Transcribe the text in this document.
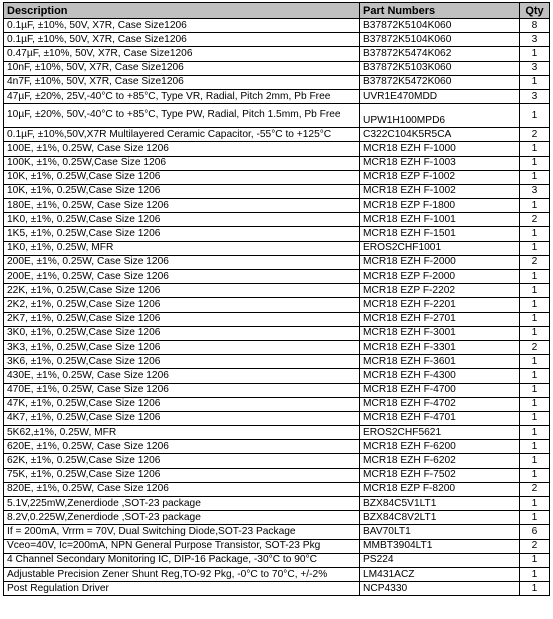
Description	Part Numbers	Qty
0.1µF, ±10%, 50V, X7R, Case Size1206	B37872K5104K060	8
0.1µF, ±10%, 50V, X7R, Case Size1206	B37872K5104K060	3
0.47µF, ±10%, 50V, X7R, Case Size1206	B37872K5474K062	1
10nF, ±10%, 50V, X7R, Case Size1206	B37872K5103K060	3
4n7F, ±10%, 50V, X7R, Case Size1206	B37872K5472K060	1
47µF, ±20%, 25V,-40°C to +85°C, Type VR, Radial, Pitch 2mm, Pb Free	UVR1E470MDD	3
10µF, ±20%, 50V,-40°C to +85°C, Type PW, Radial, Pitch 1.5mm, Pb Free	UPW1H100MPD6	1
0.1µF, ±10%,50V,X7R Multilayered Ceramic Capacitor, -55°C to +125°C	C322C104K5R5CA	2
100E, ±1%, 0.25W, Case Size 1206	MCR18 EZH F-1000	1
100K, ±1%, 0.25W,Case Size 1206	MCR18 EZH F-1003	1
10K, ±1%, 0.25W,Case Size 1206	MCR18 EZP F-1002	1
10K, ±1%, 0.25W,Case Size 1206	MCR18 EZH F-1002	3
180E, ±1%, 0.25W, Case Size 1206	MCR18 EZP F-1800	1
1K0, ±1%, 0.25W,Case Size 1206	MCR18 EZH F-1001	2
1K5, ±1%, 0.25W,Case Size 1206	MCR18 EZH F-1501	1
1K0, ±1%, 0.25W, MFR	EROS2CHF1001	1
200E, ±1%, 0.25W, Case Size 1206	MCR18 EZH F-2000	2
200E, ±1%, 0.25W, Case Size 1206	MCR18 EZP F-2000	1
22K, ±1%, 0.25W,Case Size 1206	MCR18 EZP F-2202	1
2K2, ±1%, 0.25W,Case Size 1206	MCR18 EZH F-2201	1
2K7, ±1%, 0.25W,Case Size 1206	MCR18 EZH F-2701	1
3K0, ±1%, 0.25W,Case Size 1206	MCR18 EZH F-3001	1
3K3, ±1%, 0.25W,Case Size 1206	MCR18 EZH F-3301	2
3K6, ±1%, 0.25W,Case Size 1206	MCR18 EZH F-3601	1
430E, ±1%, 0.25W, Case Size 1206	MCR18 EZH F-4300	1
470E, ±1%, 0.25W, Case Size 1206	MCR18 EZH F-4700	1
47K, ±1%, 0.25W,Case Size 1206	MCR18 EZH F-4702	1
4K7, ±1%, 0.25W,Case Size 1206	MCR18 EZH F-4701	1
5K62,±1%, 0.25W, MFR	EROS2CHF5621	1
620E, ±1%, 0.25W, Case Size 1206	MCR18 EZH F-6200	1
62K, ±1%, 0.25W,Case Size 1206	MCR18 EZH F-6202	1
75K, ±1%, 0.25W,Case Size 1206	MCR18 EZH F-7502	1
820E, ±1%, 0.25W, Case Size 1206	MCR18 EZP F-8200	2
5.1V,225mW,Zenerdiode ,SOT-23 package	BZX84C5V1LT1	1
8.2V,0.225W,Zenerdiode ,SOT-23 package	BZX84C8V2LT1	1
If = 200mA, Vrrm = 70V, Dual Switching Diode,SOT-23 Package	BAV70LT1	6
Vceo=40V, Ic=200mA, NPN General Purpose Transistor, SOT-23 Pkg	MMBT3904LT1	2
4 Channel Secondary Monitoring IC, DIP-16 Package, -30°C to 90°C	PS224	1
Adjustable Precision Zener Shunt Reg,TO-92 Pkg, -0°C to 70°C, +/-2%	LM431ACZ	1
Post Regulation Driver	NCP4330	1
